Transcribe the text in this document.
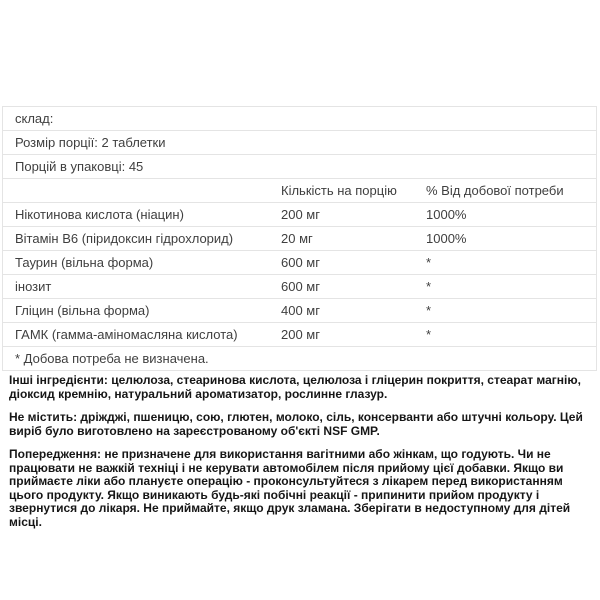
склад:
Розмір порції: 2 таблетки
Порцій в упаковці: 45
Кількість на порцію	% Від добової потреби
Нікотинова кислота (ніацин)	200 мг	1000%
Вітамін B6 (піридоксин гідрохлорид)	20 мг	1000%
Таурин (вільна форма)	600 мг	*
інозит	600 мг	*
Гліцин (вільна форма)	400 мг	*
ГАМК (гамма-аміномасляна кислота)	200 мг	*
* Добова потреба не визначена.

Інші інгредієнти: целюлоза, стеаринова кислота, целюлоза і гліцерин покриття, стеарат магнію, діоксид кремнію, натуральний ароматизатор, рослинне глазур.

Не містить: дріжджі, пшеницю, сою, глютен, молоко, сіль, консерванти або штучні кольору. Цей виріб було виготовлено на зареєстрованому об'єкті NSF GMP.

Попередження: не призначене для використання вагітними або жінкам, що годують. Чи не працювати не важкій техніці і не керувати автомобілем після прийому цієї добавки. Якщо ви приймаєте ліки або плануєте операцію - проконсультуйтеся з лікарем перед використанням цього продукту. Якщо виникають будь-які побічні реакції - припинити прийом продукту і звернутися до лікаря. Не приймайте, якщо друк зламана. Зберігати в недоступному для дітей місці.
